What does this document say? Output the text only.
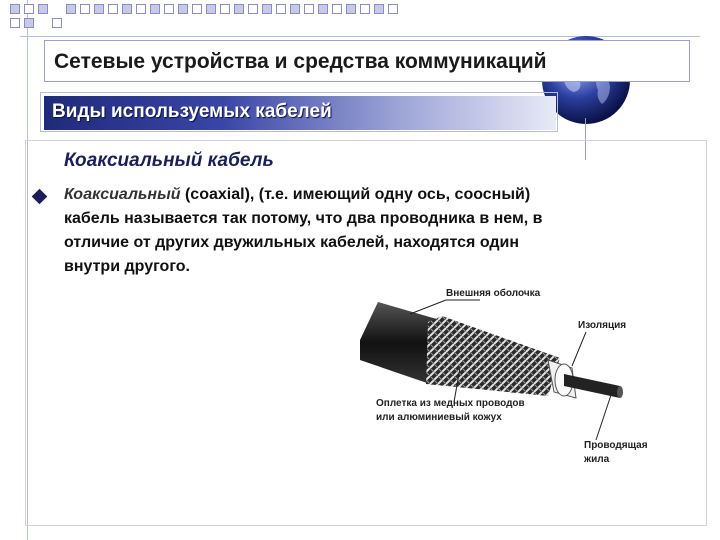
Сетевые устройства и средства коммуникаций
Виды используемых кабелей
Коаксиальный кабель
Коаксиальный (coaxial), (т.е. имеющий одну ось, соосный)
кабель называется так потому, что два проводника в нем, в
отличие от других двужильных кабелей, находятся один
внутри другого.
Внешняя оболочка
Изоляция
Оплетка из медных проводов
или алюминиевый кожух
Проводящая
жила
